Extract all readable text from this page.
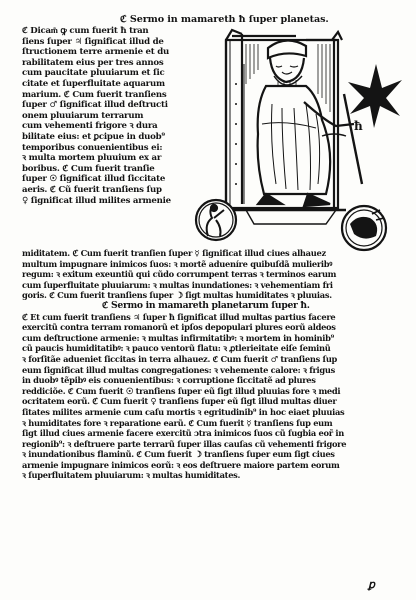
ℭ Sermo in mamareth ħ ſuper planetas.
ℭ Dicam͂ ꝙ cum fuerit ħ tran
ſiens ſuper ♃ ſignificat illud de
ſtructionem terre armenie et du
rabilitatem eius per tres annos
cum paucitate pluuiarum et ſic
citate et ſuperfluitate aquarum
marium. ℭ Cum fuerit tranſiens
ſuper ♂ ſignificat illud deſtructi
onem pluuiarum terrarum
cum vehementi frigore ꝛ dura
bilitate eius: et ꝑcipue in duob⁹
temporibus conuenientibus ei:
ꝛ multa mortem pluuium ex ar
boribus. ℭ Cum fuerit tranſie
ſuper ☉ ſignificat illud ſiccitate
aeris. ℭ Cũ fuerit tranſiens ſup
♀ ſignificat illud milites armenie
ħ
miditatem. ℭ Cum fuerit tranſien ſuper ☿ ſignificat illud ciues alhauez
multum impugnare inimicos ſuos: ꝛ mortẽ adueníre quibuſdã mulieribꝰ
regum: ꝛ exitum exeuntiũ qui cũdo corrumpent terras ꝛ terminos earum
cum ſuperfluitate pluuiarum: ꝛ multas inundationes: ꝛ vehementiam fri
goris. ℭ Cum fuerit tranſiens ſuper ☽ ſigt multas humiditates ꝛ pluuias.
ℭ Sermo in mamareth planetarum ſuper ħ.
ℭ Et cum fuerit tranſiens ♃ ſuper ħ ſignificat illud multas partius facere
exercitũ contra terram romanorũ et ipſos depopulari plures eorũ aldeos
cum deſtructione armenie: ꝛ multas infirmitatibꝰ: ꝛ mortem in hominib⁹
cũ paucis humiditatibꝰ: ꝛ pauco ventorũ flatu: ꝛ ꝓtlerieitate eiſe ſeminũ
ꝛ forſitãe adueniet ſiccitas in terra alhauez. ℭ Cum fuerit ♂ tranſiens ſup
eum ſignificat illud multas congregationes: ꝛ vehemente calore: ꝛ frigus
in duobꝰ tẽpibꝰ eis conuenientibus: ꝛ corruptione ſiccitatẽ ad plures
reddiciõe. ℭ Cum fuerit ☉ tranſiens ſuper eũ ſigt illud pluuias fore ꝛ medi
ocritatem eorũ. ℭ Cum fuerit ♀ tranſiens ſuper eũ ſigt illud multas diuer
ſitates milites armenie cum caſu mortis ꝛ egritudinib⁹ in hoc eiaet pluuias
ꝛ humiditates fore ꝛ reparatione earũ. ℭ Cum fuerit ☿ tranſiens ſup eum
ſigt illud ciues armenie facere exercitũ ɔtra inimicos ſuos cũ ſugbia eor̃ in
regionib⁹: ꝛ deſtruere parte terrarũ ſuper illas cauſas cũ vehementi frigore
ꝛ inundationibus flaminũ. ℭ Cum fuerit ☽ tranſiens ſuper eum ſigt ciues
armenie impugnare inimicos eorũ: ꝛ eos deſtruere maiore partem eorum
ꝛ ſuperfluitatem pluuiarum: ꝛ multas humiditates.
ꝑ
